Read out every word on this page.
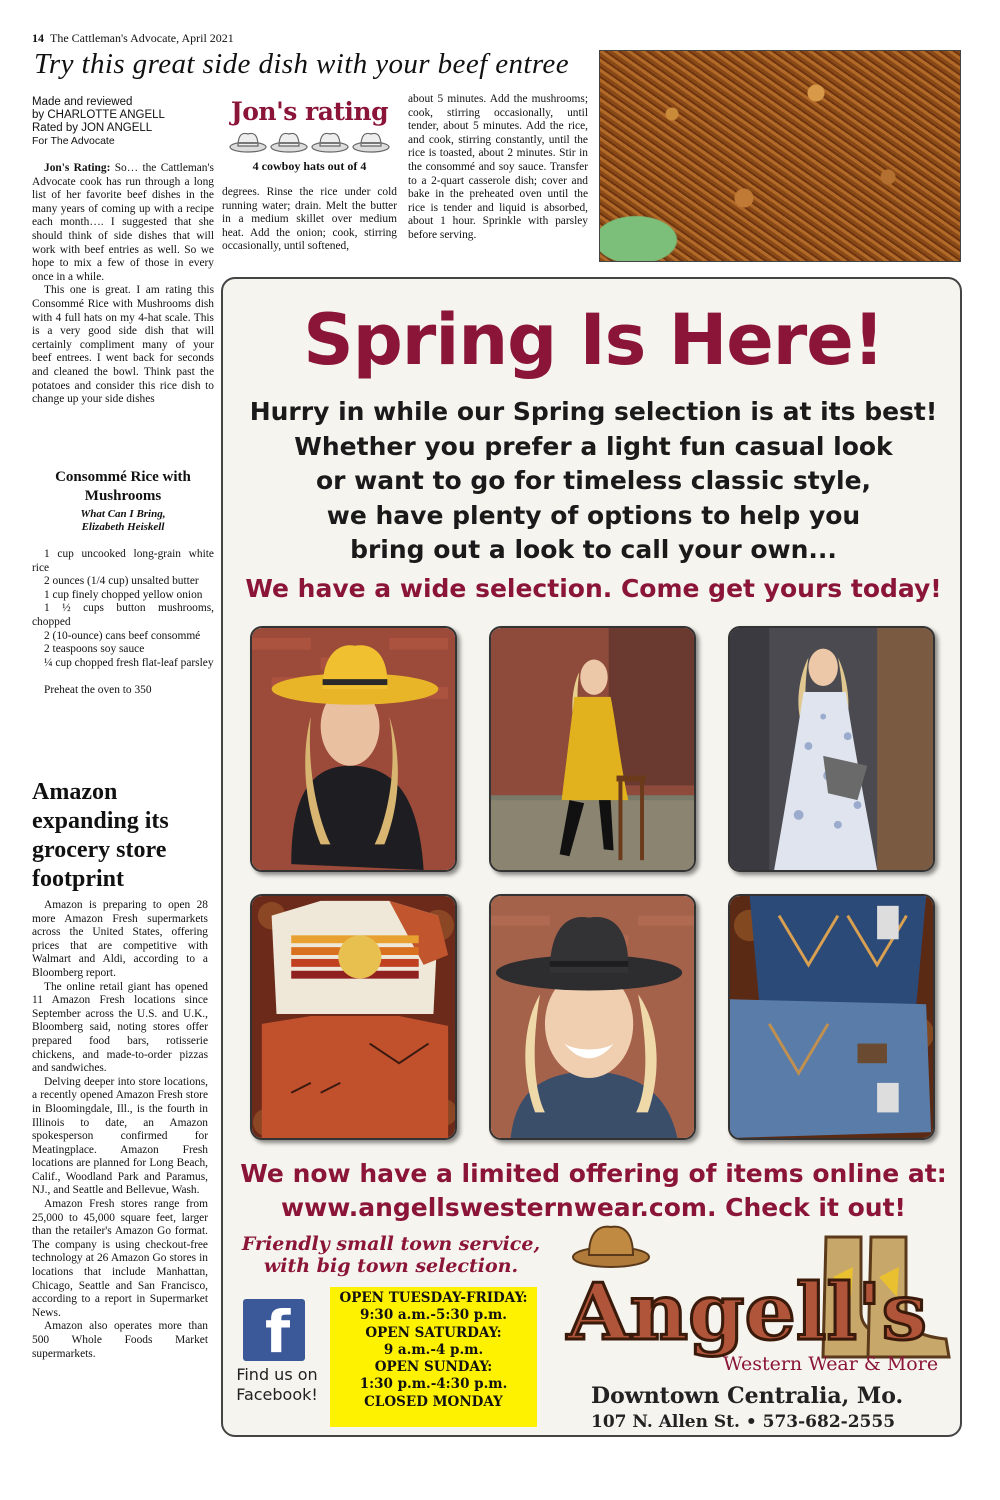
14 The Cattleman's Advocate, April 2021
Try this great side dish with your beef entree
Made and reviewed
by CHARLOTTE ANGELL
Rated by JON ANGELL
For The Advocate
Jon's rating
4 cowboy hats out of 4

Jon's Rating: So… the Cattleman's Advocate cook has run through a long list of her favorite beef dishes in the many years of coming up with a recipe each month…. I suggested that she should think of side dishes that will work with beef entries as well. So we hope to mix a few of those in every once in a while.

This one is great. I am rating this Consommé Rice with Mushrooms dish with 4 full hats on my 4-hat scale. This is a very good side dish that will certainly compliment many of your beef entrees. I went back for seconds and cleaned the bowl. Think past the potatoes and consider this rice dish to change up your side dishes

Consommé Rice with Mushrooms
What Can I Bring,
Elizabeth Heiskell

1 cup uncooked long-grain white rice

2 ounces (1/4 cup) unsalted butter

1 cup finely chopped yellow onion

1 ½ cups button mushrooms, chopped

2 (10-ounce) cans beef consommé

2 teaspoons soy sauce

¼ cup chopped fresh flat-leaf parsley

Preheat the oven to 350

degrees. Rinse the rice under cold running water; drain. Melt the butter in a medium skillet over medium heat. Add the onion; cook, stirring occasionally, until softened,
about 5 minutes. Add the mushrooms; cook, stirring occasionally, until tender, about 5 minutes. Add the rice, and cook, stirring constantly, until the rice is toasted, about 2 minutes. Stir in the consommé and soy sauce. Transfer to a 2-quart casserole dish; cover and bake in the preheated oven until the rice is tender and liquid is absorbed, about 1 hour. Sprinkle with parsley before serving.
Amazon expanding its grocery store footprint

Amazon is preparing to open 28 more Amazon Fresh supermarkets across the United States, offering prices that are competitive with Walmart and Aldi, according to a Bloomberg report.

The online retail giant has opened 11 Amazon Fresh locations since September across the U.S. and U.K., Bloomberg said, noting stores offer prepared food bars, rotisserie chickens, and made-to-order pizzas and sandwiches.

Delving deeper into store locations, a recently opened Amazon Fresh store in Bloomingdale, Ill., is the fourth in Illinois to date, an Amazon spokesperson confirmed for Meatingplace. Amazon Fresh locations are planned for Long Beach, Calif., Woodland Park and Paramus, NJ., and Seattle and Bellevue, Wash.

Amazon Fresh stores range from 25,000 to 45,000 square feet, larger than the retailer's Amazon Go format. The company is using checkout-free technology at 26 Amazon Go stores in locations that include Manhattan, Chicago, Seattle and San Francisco, according to a report in Supermarket News.

Amazon also operates more than 500 Whole Foods Market supermarkets.

Spring Is Here!
Hurry in while our Spring selection is at its best!
Whether you prefer a light fun casual look
or want to go for timeless classic style,
we have plenty of options to help you
bring out a look to call your own...
We have a wide selection. Come get yours today!
We now have a limited offering of items online at:
www.angellswesternwear.com. Check it out!
Friendly small town service,
with big town selection.
f
Find us on
Facebook!
OPEN TUESDAY-FRIDAY:
9:30 a.m.-5:30 p.m.
OPEN SATURDAY:
9 a.m.-4 p.m.
OPEN SUNDAY:
1:30 p.m.-4:30 p.m.
CLOSED MONDAY
Angell's
Western Wear & More
Downtown Centralia, Mo.
107 N. Allen St. • 573-682-2555
